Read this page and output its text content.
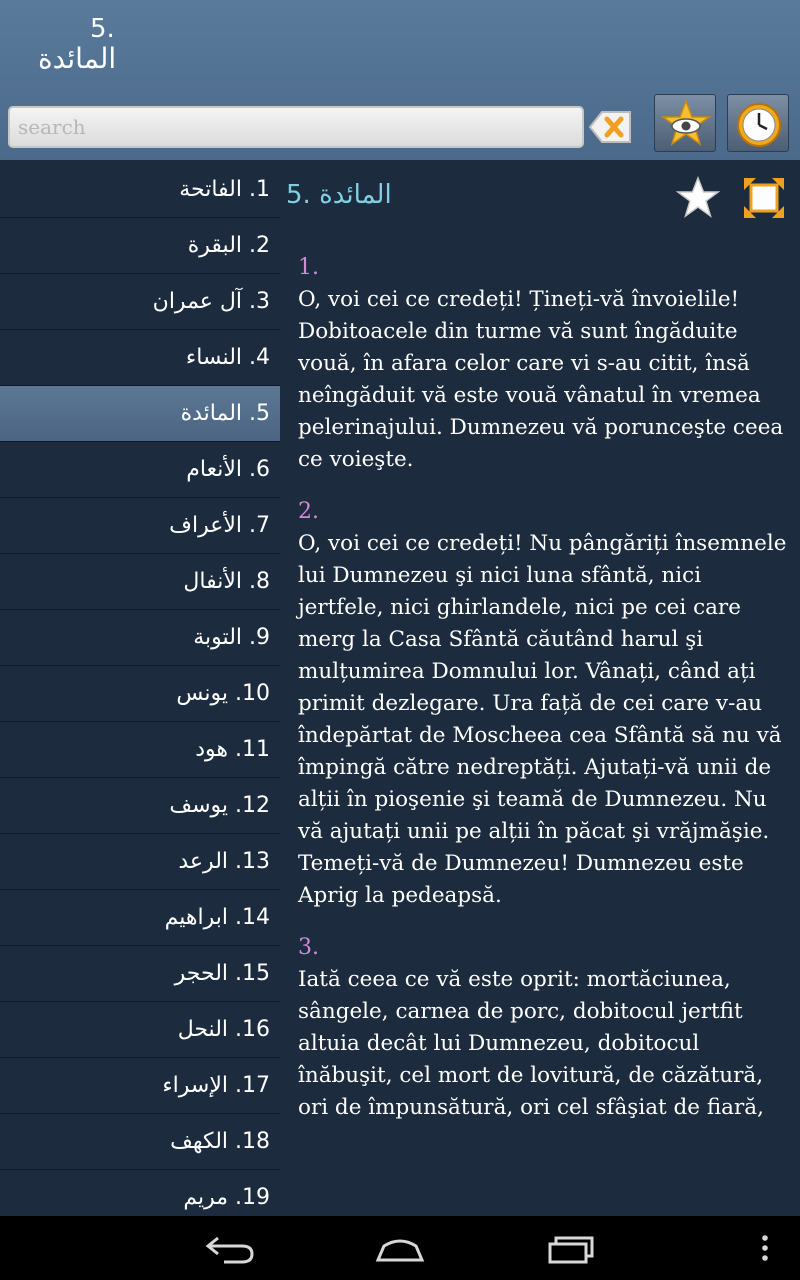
5.
المائدة
search
1. الفاتحة
2. البقرة
3. آل عمران
4. النساء
5. المائدة
6. الأنعام
7. الأعراف
8. الأنفال
9. التوبة
10. يونس
11. هود
12. يوسف
13. الرعد
14. ابراهيم
15. الحجر
16. النحل
17. الإسراء
18. الكهف
19. مريم
5. المائدة
1.
O, voi cei ce credeți! Țineți-vă învoielile! Dobitoacele din turme vă sunt îngăduite vouă, în afara celor care vi s-au citit, însă neîngăduit vă este vouă vânatul în vremea pelerinajului. Dumnezeu vă porunceşte ceea ce voieşte.
2.
O, voi cei ce credeți! Nu pângăriți însemnele lui Dumnezeu şi nici luna sfântă, nici jertfele, nici ghirlandele, nici pe cei care merg la Casa Sfântă căutând harul şi mulțumirea Domnului lor. Vânați, când ați primit dezlegare. Ura față de cei care v-au îndepărtat de Moscheea cea Sfântă să nu vă împingă către nedreptăți. Ajutați-vă unii de alții în pioşenie şi teamă de Dumnezeu. Nu vă ajutați unii pe alții în păcat şi vrăjmăşie. Temeți-vă de Dumnezeu! Dumnezeu este Aprig la pedeapsă.
3.
Iată ceea ce vă este oprit: mortăciunea, sângele, carnea de porc, dobitocul jertfit altuia decât lui Dumnezeu, dobitocul înăbuşit, cel mort de lovitură, de căzătură, ori de împunsătură, ori cel sfâşiat de fiară,
